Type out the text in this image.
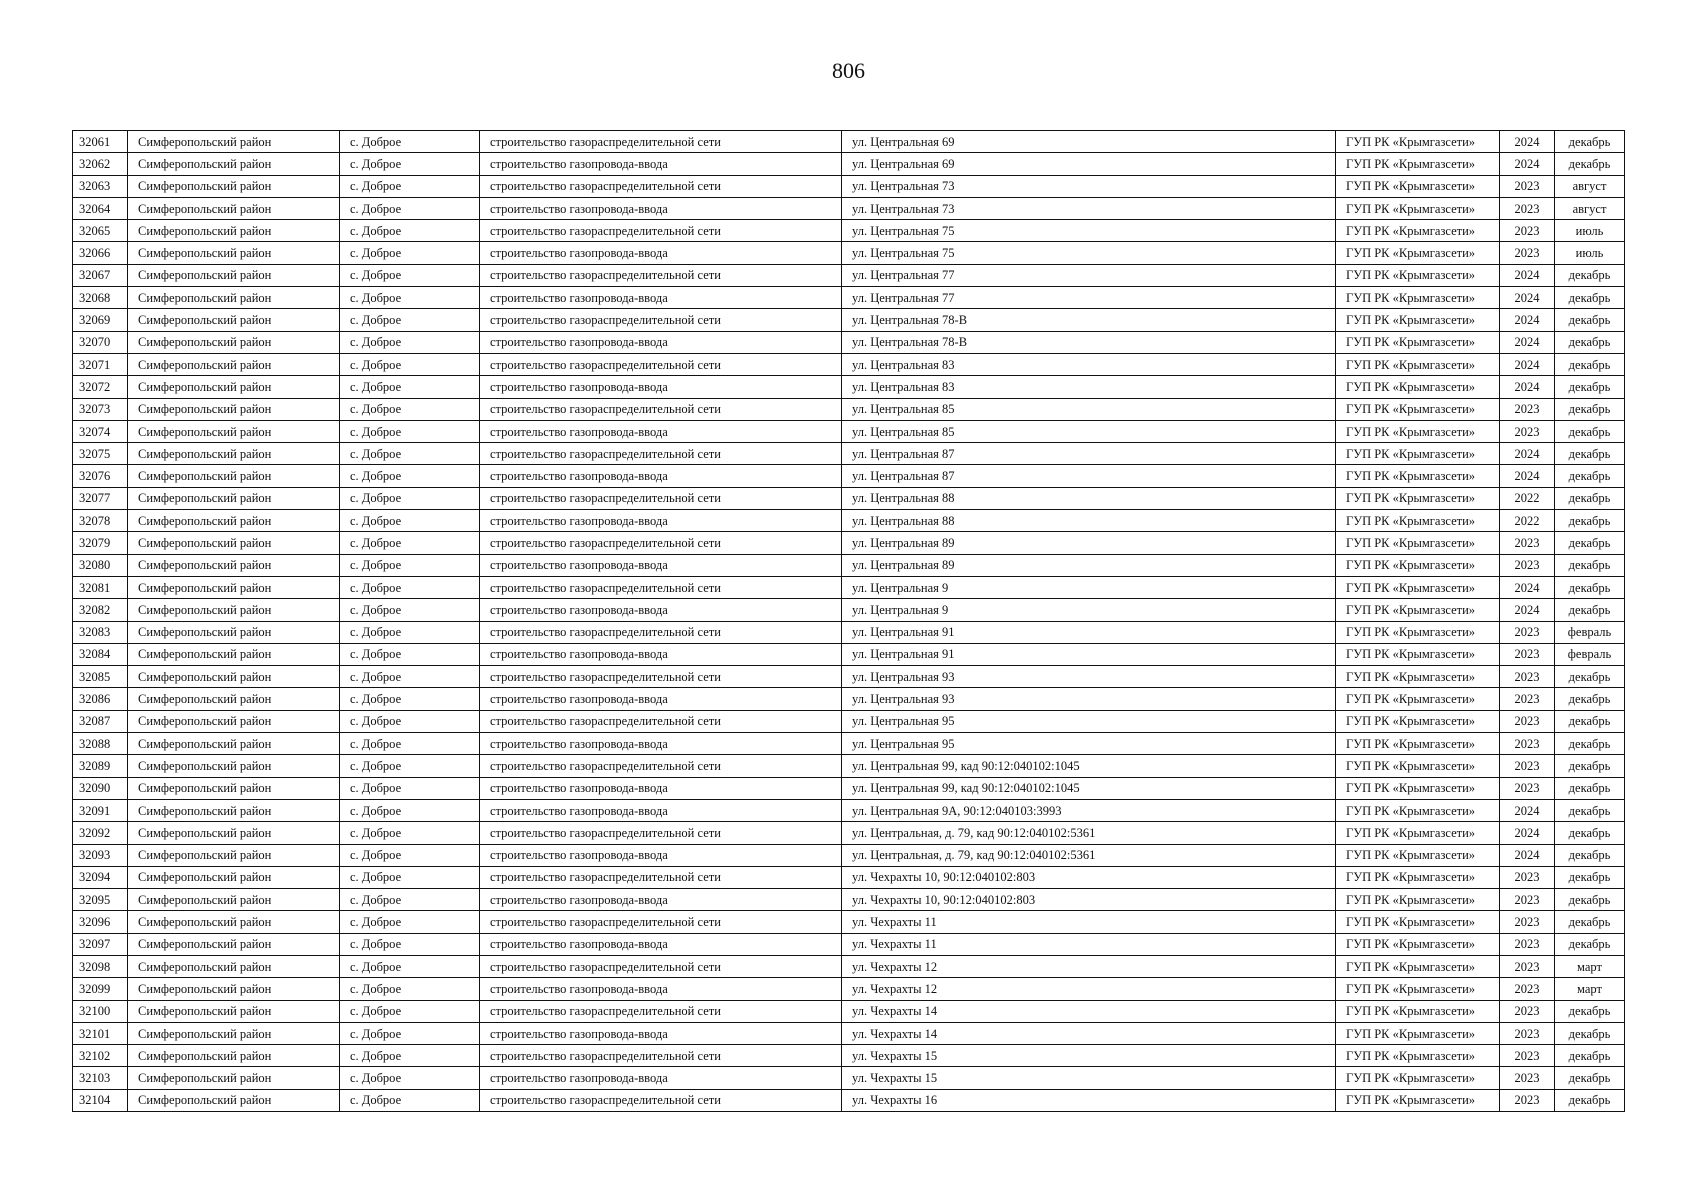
806
32061	Симферопольский район	с. Доброе	строительство газораспределительной сети	ул. Центральная 69	ГУП РК «Крымгазсети»	2024	декабрь
32062	Симферопольский район	с. Доброе	строительство газопровода-ввода	ул. Центральная 69	ГУП РК «Крымгазсети»	2024	декабрь
32063	Симферопольский район	с. Доброе	строительство газораспределительной сети	ул. Центральная 73	ГУП РК «Крымгазсети»	2023	август
32064	Симферопольский район	с. Доброе	строительство газопровода-ввода	ул. Центральная 73	ГУП РК «Крымгазсети»	2023	август
32065	Симферопольский район	с. Доброе	строительство газораспределительной сети	ул. Центральная 75	ГУП РК «Крымгазсети»	2023	июль
32066	Симферопольский район	с. Доброе	строительство газопровода-ввода	ул. Центральная 75	ГУП РК «Крымгазсети»	2023	июль
32067	Симферопольский район	с. Доброе	строительство газораспределительной сети	ул. Центральная 77	ГУП РК «Крымгазсети»	2024	декабрь
32068	Симферопольский район	с. Доброе	строительство газопровода-ввода	ул. Центральная 77	ГУП РК «Крымгазсети»	2024	декабрь
32069	Симферопольский район	с. Доброе	строительство газораспределительной сети	ул. Центральная 78-В	ГУП РК «Крымгазсети»	2024	декабрь
32070	Симферопольский район	с. Доброе	строительство газопровода-ввода	ул. Центральная 78-В	ГУП РК «Крымгазсети»	2024	декабрь
32071	Симферопольский район	с. Доброе	строительство газораспределительной сети	ул. Центральная 83	ГУП РК «Крымгазсети»	2024	декабрь
32072	Симферопольский район	с. Доброе	строительство газопровода-ввода	ул. Центральная 83	ГУП РК «Крымгазсети»	2024	декабрь
32073	Симферопольский район	с. Доброе	строительство газораспределительной сети	ул. Центральная 85	ГУП РК «Крымгазсети»	2023	декабрь
32074	Симферопольский район	с. Доброе	строительство газопровода-ввода	ул. Центральная 85	ГУП РК «Крымгазсети»	2023	декабрь
32075	Симферопольский район	с. Доброе	строительство газораспределительной сети	ул. Центральная 87	ГУП РК «Крымгазсети»	2024	декабрь
32076	Симферопольский район	с. Доброе	строительство газопровода-ввода	ул. Центральная 87	ГУП РК «Крымгазсети»	2024	декабрь
32077	Симферопольский район	с. Доброе	строительство газораспределительной сети	ул. Центральная 88	ГУП РК «Крымгазсети»	2022	декабрь
32078	Симферопольский район	с. Доброе	строительство газопровода-ввода	ул. Центральная 88	ГУП РК «Крымгазсети»	2022	декабрь
32079	Симферопольский район	с. Доброе	строительство газораспределительной сети	ул. Центральная 89	ГУП РК «Крымгазсети»	2023	декабрь
32080	Симферопольский район	с. Доброе	строительство газопровода-ввода	ул. Центральная 89	ГУП РК «Крымгазсети»	2023	декабрь
32081	Симферопольский район	с. Доброе	строительство газораспределительной сети	ул. Центральная 9	ГУП РК «Крымгазсети»	2024	декабрь
32082	Симферопольский район	с. Доброе	строительство газопровода-ввода	ул. Центральная 9	ГУП РК «Крымгазсети»	2024	декабрь
32083	Симферопольский район	с. Доброе	строительство газораспределительной сети	ул. Центральная 91	ГУП РК «Крымгазсети»	2023	февраль
32084	Симферопольский район	с. Доброе	строительство газопровода-ввода	ул. Центральная 91	ГУП РК «Крымгазсети»	2023	февраль
32085	Симферопольский район	с. Доброе	строительство газораспределительной сети	ул. Центральная 93	ГУП РК «Крымгазсети»	2023	декабрь
32086	Симферопольский район	с. Доброе	строительство газопровода-ввода	ул. Центральная 93	ГУП РК «Крымгазсети»	2023	декабрь
32087	Симферопольский район	с. Доброе	строительство газораспределительной сети	ул. Центральная 95	ГУП РК «Крымгазсети»	2023	декабрь
32088	Симферопольский район	с. Доброе	строительство газопровода-ввода	ул. Центральная 95	ГУП РК «Крымгазсети»	2023	декабрь
32089	Симферопольский район	с. Доброе	строительство газораспределительной сети	ул. Центральная 99, кад 90:12:040102:1045	ГУП РК «Крымгазсети»	2023	декабрь
32090	Симферопольский район	с. Доброе	строительство газопровода-ввода	ул. Центральная 99, кад 90:12:040102:1045	ГУП РК «Крымгазсети»	2023	декабрь
32091	Симферопольский район	с. Доброе	строительство газопровода-ввода	ул. Центральная 9А, 90:12:040103:3993	ГУП РК «Крымгазсети»	2024	декабрь
32092	Симферопольский район	с. Доброе	строительство газораспределительной сети	ул. Центральная, д. 79, кад 90:12:040102:5361	ГУП РК «Крымгазсети»	2024	декабрь
32093	Симферопольский район	с. Доброе	строительство газопровода-ввода	ул. Центральная, д. 79, кад 90:12:040102:5361	ГУП РК «Крымгазсети»	2024	декабрь
32094	Симферопольский район	с. Доброе	строительство газораспределительной сети	ул. Чехрахты 10, 90:12:040102:803	ГУП РК «Крымгазсети»	2023	декабрь
32095	Симферопольский район	с. Доброе	строительство газопровода-ввода	ул. Чехрахты 10, 90:12:040102:803	ГУП РК «Крымгазсети»	2023	декабрь
32096	Симферопольский район	с. Доброе	строительство газораспределительной сети	ул. Чехрахты 11	ГУП РК «Крымгазсети»	2023	декабрь
32097	Симферопольский район	с. Доброе	строительство газопровода-ввода	ул. Чехрахты 11	ГУП РК «Крымгазсети»	2023	декабрь
32098	Симферопольский район	с. Доброе	строительство газораспределительной сети	ул. Чехрахты 12	ГУП РК «Крымгазсети»	2023	март
32099	Симферопольский район	с. Доброе	строительство газопровода-ввода	ул. Чехрахты 12	ГУП РК «Крымгазсети»	2023	март
32100	Симферопольский район	с. Доброе	строительство газораспределительной сети	ул. Чехрахты 14	ГУП РК «Крымгазсети»	2023	декабрь
32101	Симферопольский район	с. Доброе	строительство газопровода-ввода	ул. Чехрахты 14	ГУП РК «Крымгазсети»	2023	декабрь
32102	Симферопольский район	с. Доброе	строительство газораспределительной сети	ул. Чехрахты 15	ГУП РК «Крымгазсети»	2023	декабрь
32103	Симферопольский район	с. Доброе	строительство газопровода-ввода	ул. Чехрахты 15	ГУП РК «Крымгазсети»	2023	декабрь
32104	Симферопольский район	с. Доброе	строительство газораспределительной сети	ул. Чехрахты 16	ГУП РК «Крымгазсети»	2023	декабрь
